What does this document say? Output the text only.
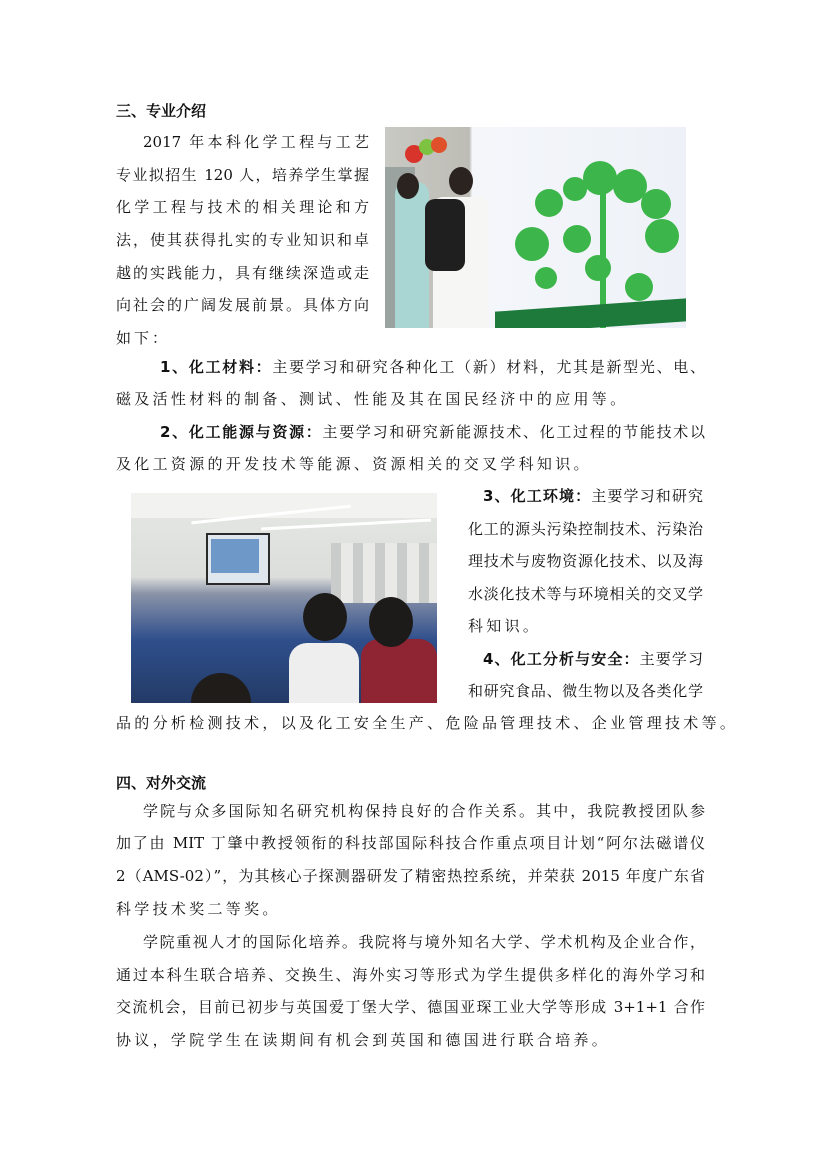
三、专业介绍
2017 年本科化学工程与工艺
专业拟招生 120 人，培养学生掌握
化学工程与技术的相关理论和方
法，使其获得扎实的专业知识和卓
越的实践能力，具有继续深造或走
向社会的广阔发展前景。具体方向
如下：
1、化工材料：主要学习和研究各种化工（新）材料，尤其是新型光、电、
磁及活性材料的制备、测试、性能及其在国民经济中的应用等。
2、化工能源与资源：主要学习和研究新能源技术、化工过程的节能技术以
及化工资源的开发技术等能源、资源相关的交叉学科知识。
3、化工环境：主要学习和研究
化工的源头污染控制技术、污染治
理技术与废物资源化技术、以及海
水淡化技术等与环境相关的交叉学
科知识。
4、化工分析与安全：主要学习
和研究食品、微生物以及各类化学
品的分析检测技术，以及化工安全生产、危险品管理技术、企业管理技术等。
四、对外交流
学院与众多国际知名研究机构保持良好的合作关系。其中，我院教授团队参
加了由 MIT 丁肇中教授领衔的科技部国际科技合作重点项目计划“阿尔法磁谱仪
2（AMS-02）”，为其核心子探测器研发了精密热控系统，并荣获 2015 年度广东省
科学技术奖二等奖。
学院重视人才的国际化培养。我院将与境外知名大学、学术机构及企业合作，
通过本科生联合培养、交换生、海外实习等形式为学生提供多样化的海外学习和
交流机会，目前已初步与英国爱丁堡大学、德国亚琛工业大学等形成 3+1+1 合作
协议，学院学生在读期间有机会到英国和德国进行联合培养。
